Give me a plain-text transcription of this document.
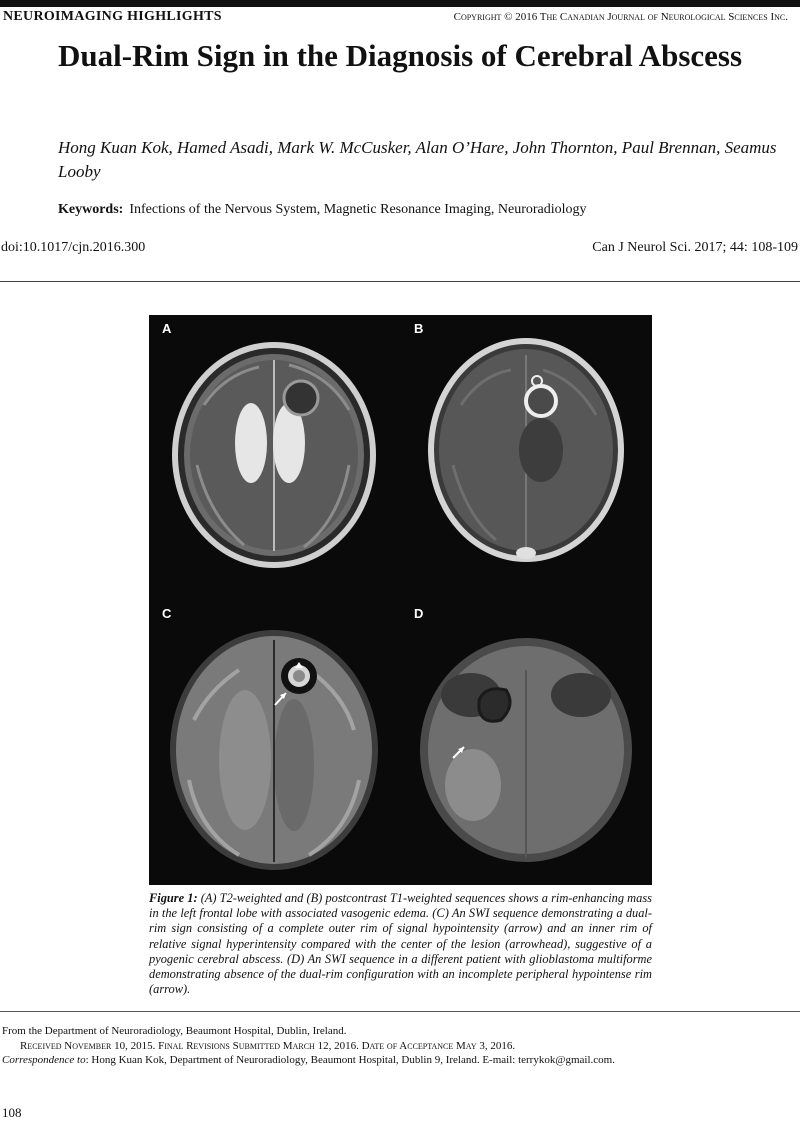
NEUROIMAGING HIGHLIGHTS	Copyright © 2016 The Canadian Journal of Neurological Sciences Inc.
Dual-Rim Sign in the Diagnosis of Cerebral Abscess
Hong Kuan Kok, Hamed Asadi, Mark W. McCusker, Alan O’Hare, John Thornton, Paul Brennan, Seamus Looby
Keywords: Infections of the Nervous System, Magnetic Resonance Imaging, Neuroradiology
doi:10.1017/cjn.2016.300	Can J Neurol Sci. 2017; 44: 108-109
A	B
C	D
Figure 1: (A) T2-weighted and (B) postcontrast T1-weighted sequences shows a rim-enhancing mass in the left frontal lobe with associated vasogenic edema. (C) An SWI sequence demonstrating a dual-rim sign consisting of a complete outer rim of signal hypointensity (arrow) and an inner rim of relative signal hyperintensity compared with the center of the lesion (arrowhead), suggestive of a pyogenic cerebral abscess. (D) An SWI sequence in a different patient with glioblastoma multiforme demonstrating absence of the dual-rim configuration with an incomplete peripheral hypointense rim (arrow).
From the Department of Neuroradiology, Beaumont Hospital, Dublin, Ireland.
Received November 10, 2015. Final Revisions Submitted March 12, 2016. Date of Acceptance May 3, 2016.
Correspondence to: Hong Kuan Kok, Department of Neuroradiology, Beaumont Hospital, Dublin 9, Ireland. E-mail: terrykok@gmail.com.
108
